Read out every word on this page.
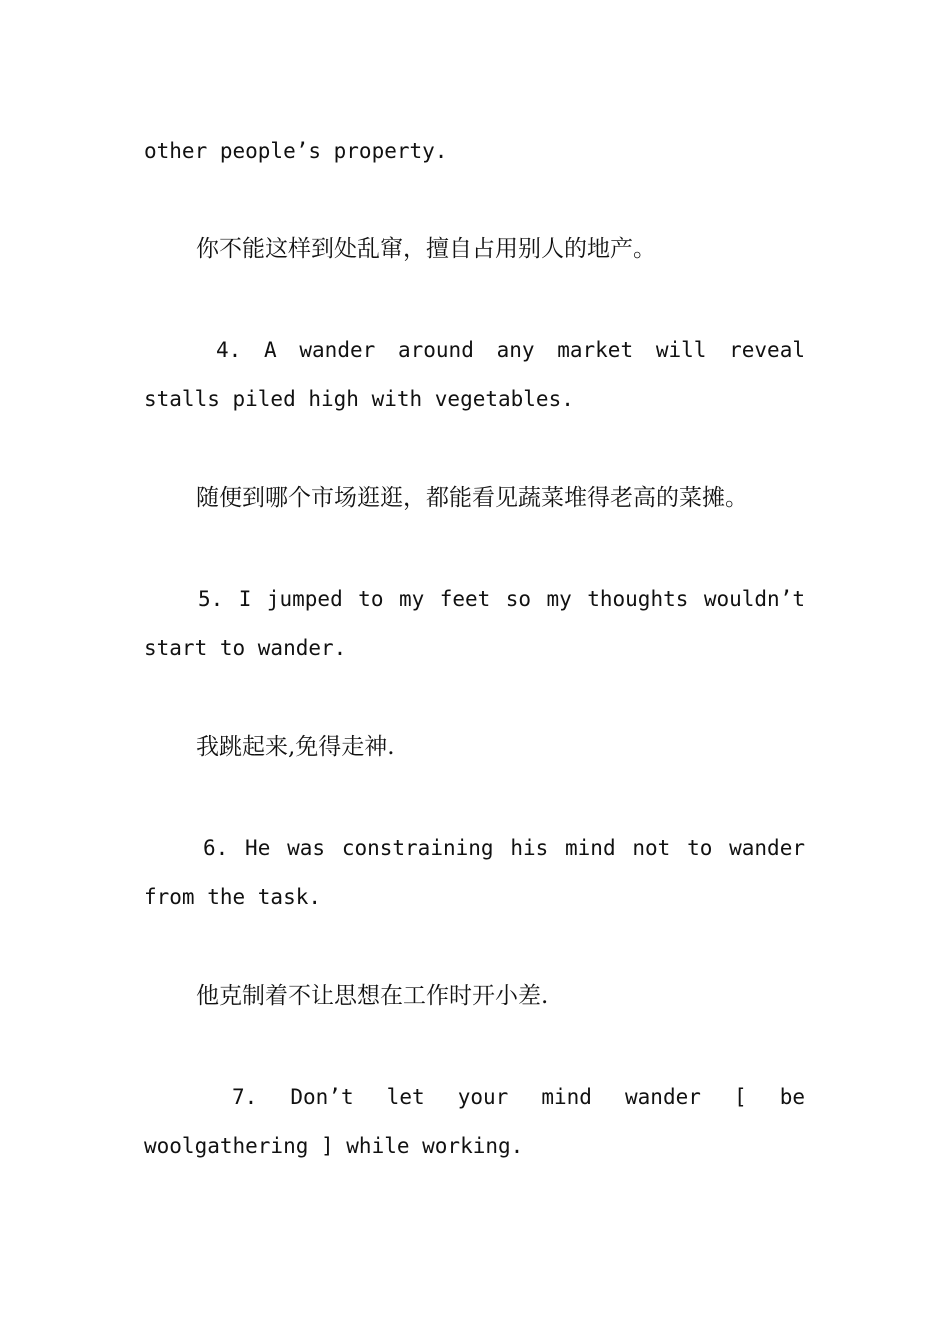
other people’s property.
你不能这样到处乱窜，擅自占用别人的地产。
4. A wander around any market will reveal
stalls piled high with vegetables.
随便到哪个市场逛逛，都能看见蔬菜堆得老高的菜摊。
5. I jumped to my feet so my thoughts wouldn’t
start to wander.
我跳起来,免得走神.
6. He was constraining his mind not to wander
from the task.
他克制着不让思想在工作时开小差.
7. Don’t let your mind wander [ be
woolgathering ] while working.
